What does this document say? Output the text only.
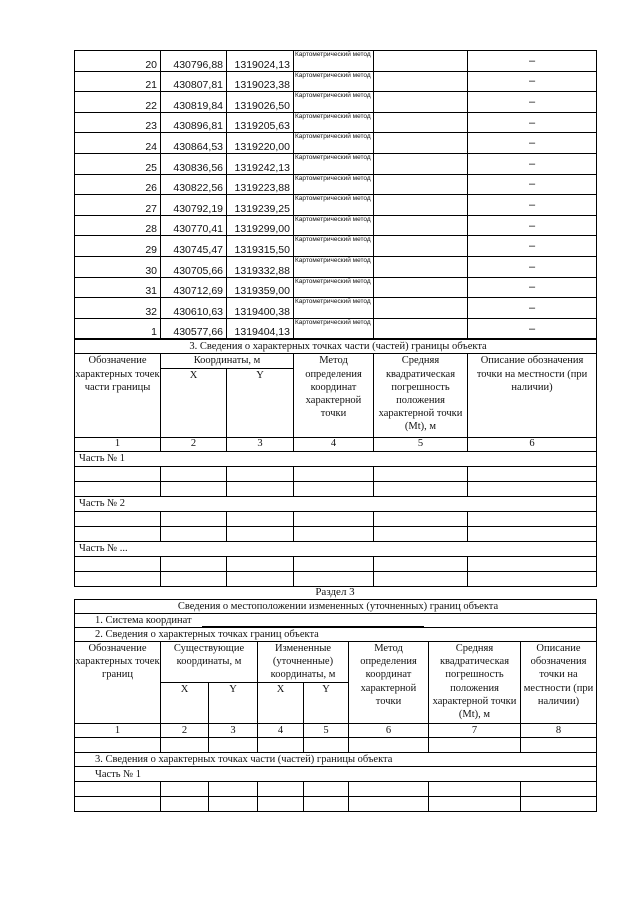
20	430796,88	1319024,13	Картометрический метод		–
21	430807,81	1319023,38	Картометрический метод		–
22	430819,84	1319026,50	Картометрический метод		–
23	430896,81	1319205,63	Картометрический метод		–
24	430864,53	1319220,00	Картометрический метод		–
25	430836,56	1319242,13	Картометрический метод		–
26	430822,56	1319223,88	Картометрический метод		–
27	430792,19	1319239,25	Картометрический метод		–
28	430770,41	1319299,00	Картометрический метод		–
29	430745,47	1319315,50	Картометрический метод		–
30	430705,66	1319332,88	Картометрический метод		–
31	430712,69	1319359,00	Картометрический метод		–
32	430610,63	1319400,38	Картометрический метод		–
1	430577,66	1319404,13	Картометрический метод		–
3. Сведения о характерных точках части (частей) границы объекта					
Обозначение характерных точек части границы	Координаты, м		Метод определения координат характерной точки	Средняя квадратическая погрешность положения характерной точки (Mt), м	Описание обозначения точки на местности (при наличии)
	X	Y			
1	2	3	4	5	6
Часть № 1					

Часть № 2					

Часть № ...					

Раздел 3
Сведения о местоположении измененных (уточненных) границ объекта							
1. Система координат							
2. Сведения о характерных точках границ объекта							
Обозначение характерных точек границ	Существующие координаты, м		Измененные (уточненные) координаты, м		Метод определения координат характерной точки	Средняя квадратическая погрешность положения характерной точки (Mt), м	Описание обозначения точки на местности (при наличии)
	X	Y	X	Y			
1	2	3	4	5	6	7	8

3. Сведения о характерных точках части (частей) границы объекта							
Часть № 1							
